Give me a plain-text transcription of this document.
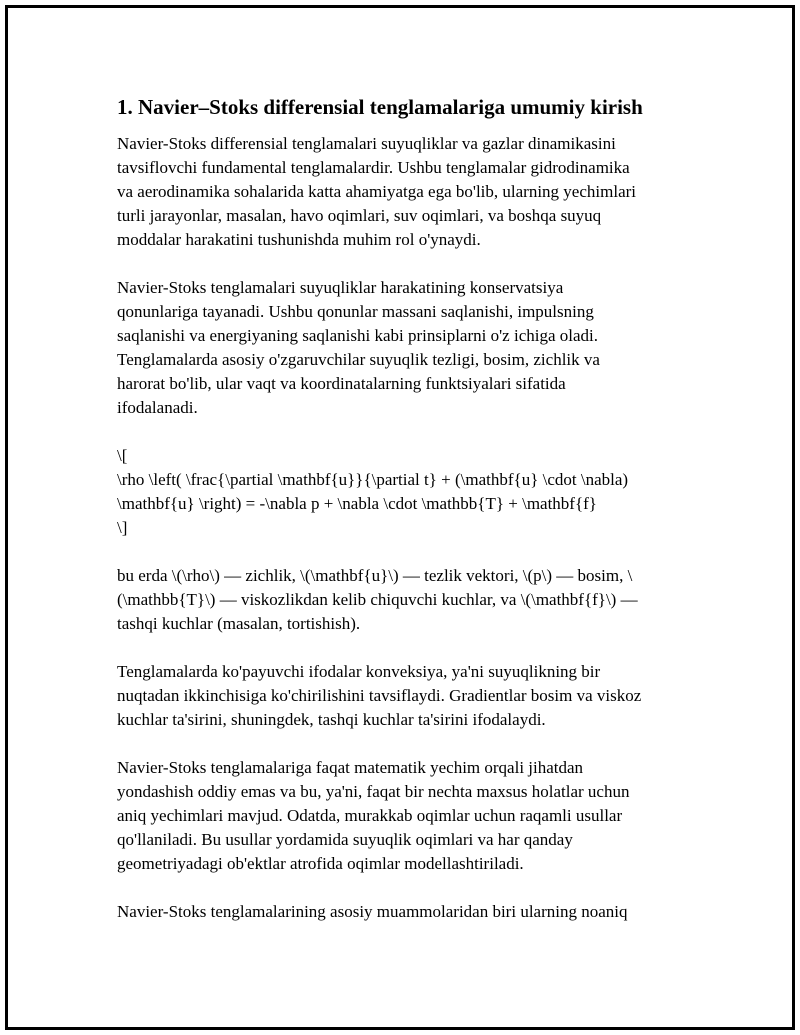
1. Navier–Stoks differensial tenglamalariga umumiy kirish

Navier-Stoks differensial tenglamalari suyuqliklar va gazlar dinamikasini
tavsiflovchi fundamental tenglamalardir. Ushbu tenglamalar gidrodinamika
va aerodinamika sohalarida katta ahamiyatga ega bo'lib, ularning yechimlari
turli jarayonlar, masalan, havo oqimlari, suv oqimlari, va boshqa suyuq
moddalar harakatini tushunishda muhim rol o'ynaydi.

Navier-Stoks tenglamalari suyuqliklar harakatining konservatsiya
qonunlariga tayanadi. Ushbu qonunlar massani saqlanishi, impulsning
saqlanishi va energiyaning saqlanishi kabi prinsiplarni o'z ichiga oladi.
Tenglamalarda asosiy o'zgaruvchilar suyuqlik tezligi, bosim, zichlik va
harorat bo'lib, ular vaqt va koordinatalarning funktsiyalari sifatida
ifodalanadi.

\[
\rho \left( \frac{\partial \mathbf{u}}{\partial t} + (\mathbf{u} \cdot \nabla)
\mathbf{u} \right) = -\nabla p + \nabla \cdot \mathbb{T} + \mathbf{f}
\]

bu erda \(\rho\) — zichlik, \(\mathbf{u}\) — tezlik vektori, \(p\) — bosim, \
(\mathbb{T}\) — viskozlikdan kelib chiquvchi kuchlar, va \(\mathbf{f}\) —
tashqi kuchlar (masalan, tortishish).

Tenglamalarda ko'payuvchi ifodalar konveksiya, ya'ni suyuqlikning bir
nuqtadan ikkinchisiga ko'chirilishini tavsiflaydi. Gradientlar bosim va viskoz
kuchlar ta'sirini, shuningdek, tashqi kuchlar ta'sirini ifodalaydi.

Navier-Stoks tenglamalariga faqat matematik yechim orqali jihatdan
yondashish oddiy emas va bu, ya'ni, faqat bir nechta maxsus holatlar uchun
aniq yechimlari mavjud. Odatda, murakkab oqimlar uchun raqamli usullar
qo'llaniladi. Bu usullar yordamida suyuqlik oqimlari va har qanday
geometriyadagi ob'ektlar atrofida oqimlar modellashtiriladi.

Navier-Stoks tenglamalarining asosiy muammolaridan biri ularning noaniq
